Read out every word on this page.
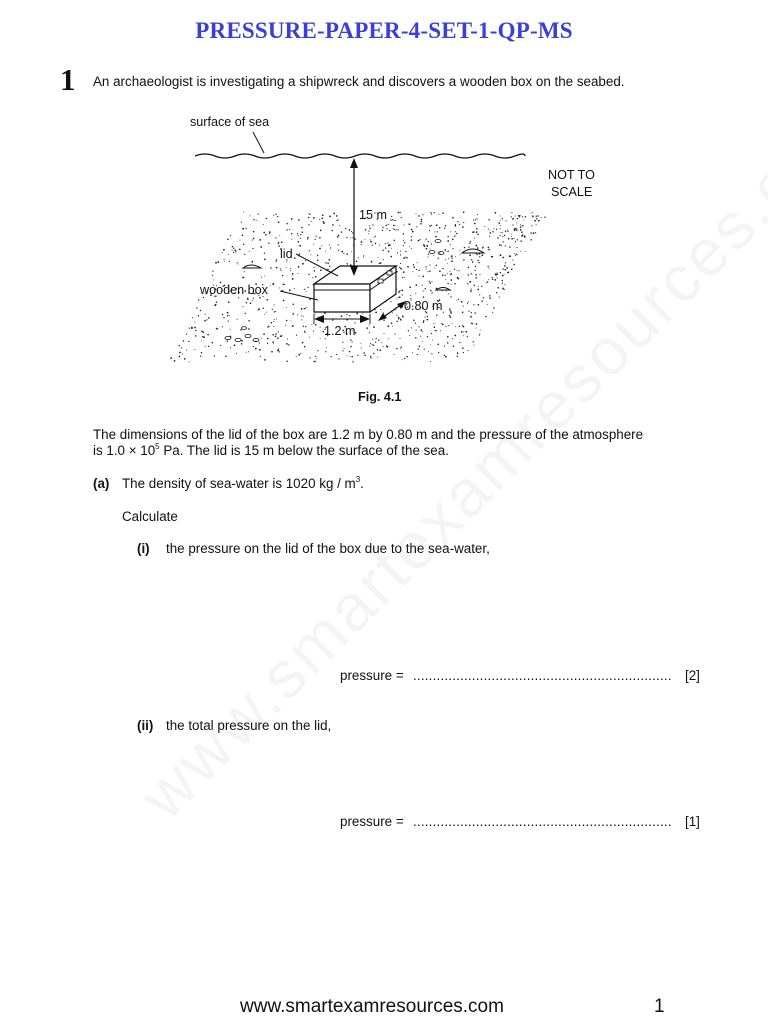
PRESSURE-PAPER-4-SET-1-QP-MS
1 An archaeologist is investigating a shipwreck and discovers a wooden box on the seabed.
surface of sea
NOT TO
SCALE
15 m
lid
wooden box
0.80 m
1.2 m
Fig. 4.1
The dimensions of the lid of the box are 1.2 m by 0.80 m and the pressure of the atmosphere
is $1.0 \times 10^5$ Pa. The lid is 15 m below the surface of the sea.
(a) The density of sea-water is 1020 kg / $m^3$.
Calculate
(i) the pressure on the lid of the box due to the sea-water,
pressure = .................................................................. [2]
(ii) the total pressure on the lid,
pressure = .................................................................. [1]
www.smartexamresources.com	1
